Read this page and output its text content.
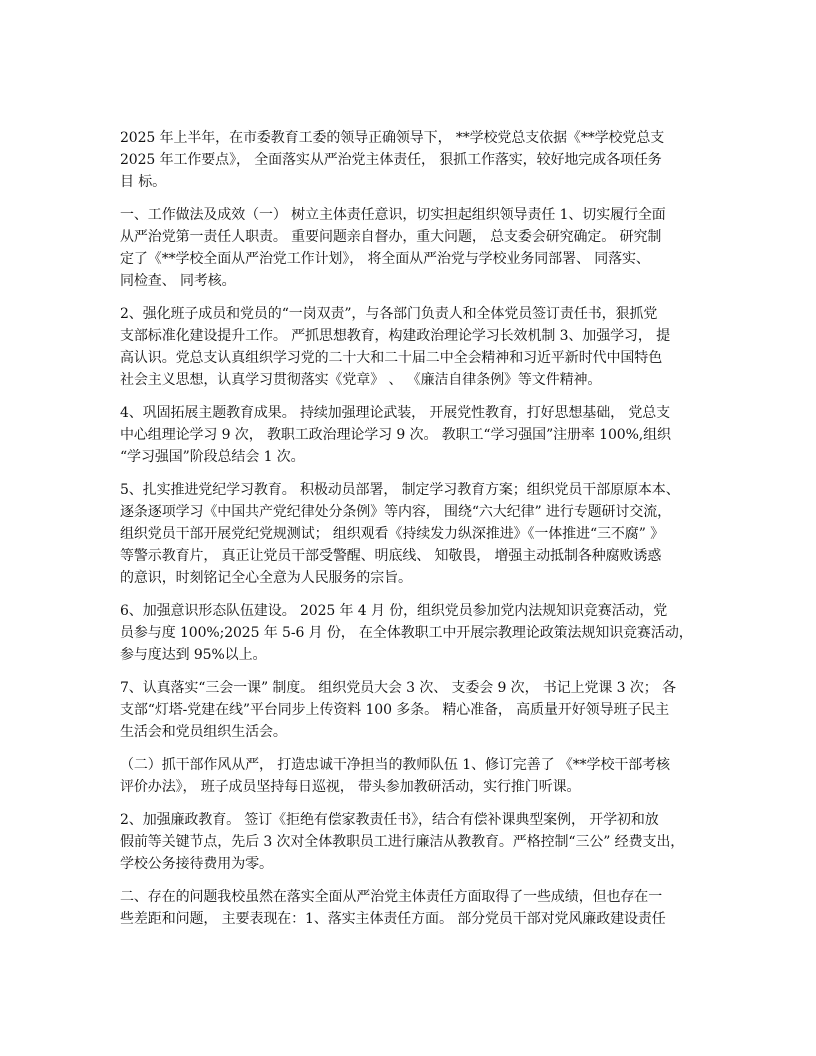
2025 年上半年，在市委教育工委的领导正确领导下， **学校党总支依据《**学校党总支
2025 年工作要点》， 全面落实从严治党主体责任， 狠抓工作落实，较好地完成各项任务
目 标。
一、工作做法及成效（一） 树立主体责任意识，切实担起组织领导责任 1、切实履行全面
从严治党第一责任人职责。 重要问题亲自督办，重大问题， 总支委会研究确定。 研究制
定了《**学校全面从严治党工作计划》， 将全面从严治党与学校业务同部署、 同落实、
同检查、 同考核。
2、强化班子成员和党员的“一岗双责”，与各部门负责人和全体党员签订责任书，狠抓党
支部标准化建设提升工作。 严抓思想教育，构建政治理论学习长效机制 3、加强学习， 提
高认识。党总支认真组织学习党的二十大和二十届二中全会精神和习近平新时代中国特色
社会主义思想，认真学习贯彻落实《党章》 、 《廉洁自律条例》等文件精神。
4、巩固拓展主题教育成果。 持续加强理论武装， 开展党性教育，打好思想基础， 党总支
中心组理论学习 9 次， 教职工政治理论学习 9 次。 教职工“学习强国”注册率 100%,组织
“学习强国”阶段总结会 1 次。
5、扎实推进党纪学习教育。 积极动员部署， 制定学习教育方案；组织党员干部原原本本、
逐条逐项学习《中国共产党纪律处分条例》等内容， 围绕“六大纪律” 进行专题研讨交流，
组织党员干部开展党纪党规测试； 组织观看《持续发力纵深推进》《一体推进“三不腐” 》
等警示教育片， 真正让党员干部受警醒、明底线、 知敬畏， 增强主动抵制各种腐败诱惑
的意识，时刻铭记全心全意为人民服务的宗旨。
6、加强意识形态队伍建设。 2025 年 4 月 份，组织党员参加党内法规知识竞赛活动，党
员参与度 100%;2025 年 5-6 月 份， 在全体教职工中开展宗教理论政策法规知识竞赛活动，
参与度达到 95%以上。
7、认真落实“三会一课” 制度。 组织党员大会 3 次、 支委会 9 次， 书记上党课 3 次； 各
支部“灯塔-党建在线”平台同步上传资料 100 多条。 精心准备， 高质量开好领导班子民主
生活会和党员组织生活会。
（二）抓干部作风从严， 打造忠诚干净担当的教师队伍 1、修订完善了 《**学校干部考核
评价办法》， 班子成员坚持每日巡视， 带头参加教研活动，实行推门听课。
2、加强廉政教育。 签订《拒绝有偿家教责任书》，结合有偿补课典型案例， 开学初和放
假前等关键节点，先后 3 次对全体教职员工进行廉洁从教教育。严格控制“三公” 经费支出，
学校公务接待费用为零。
二、存在的问题我校虽然在落实全面从严治党主体责任方面取得了一些成绩，但也存在一
些差距和问题， 主要表现在：1、落实主体责任方面。 部分党员干部对党风廉政建设责任
